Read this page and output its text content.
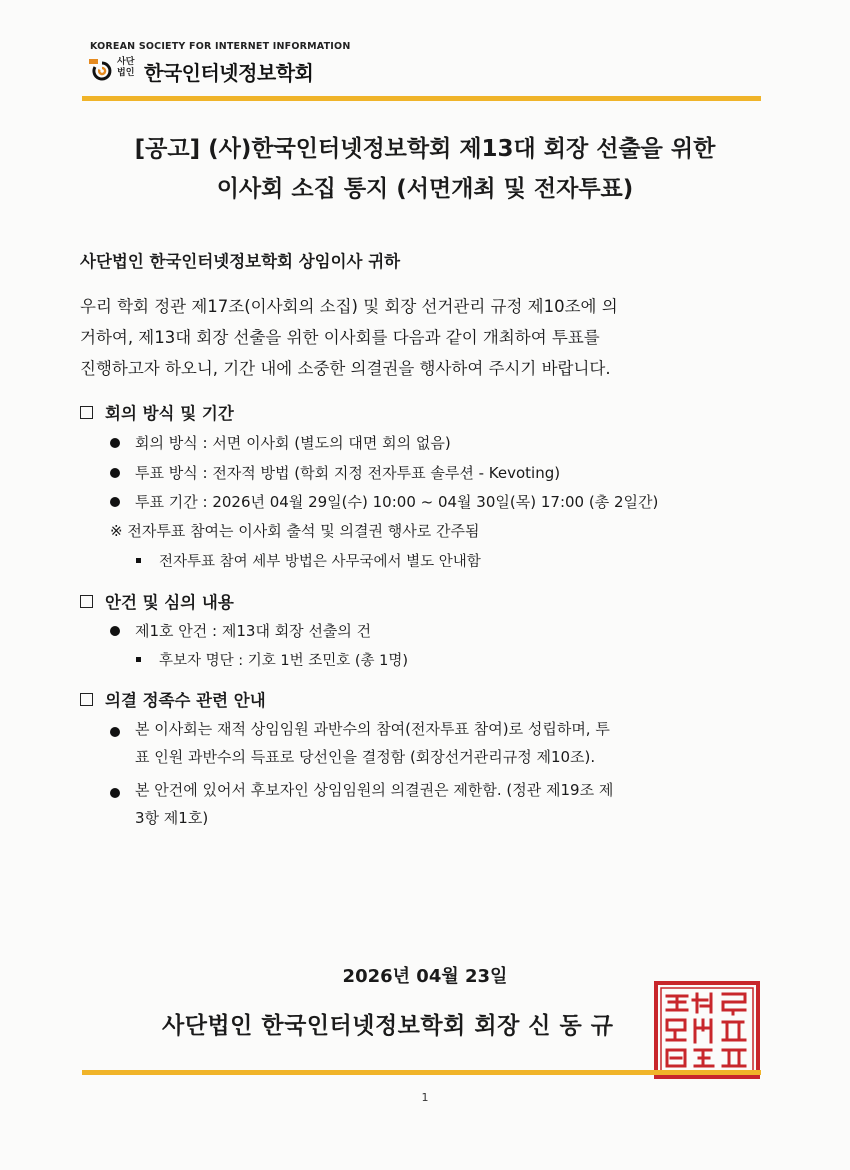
KOREAN SOCIETY FOR INTERNET INFORMATION
사단
법인 한국인터넷정보학회
[공고] (사)한국인터넷정보학회 제13대 회장 선출을 위한
이사회 소집 통지 (서면개최 및 전자투표)
사단법인 한국인터넷정보학회 상임이사 귀하
우리 학회 정관 제17조(이사회의 소집) 및 회장 선거관리 규정 제10조에 의
거하여, 제13대 회장 선출을 위한 이사회를 다음과 같이 개최하여 투표를
진행하고자 하오니, 기간 내에 소중한 의결권을 행사하여 주시기 바랍니다.
회의 방식 및 기간
회의 방식 : 서면 이사회 (별도의 대면 회의 없음)
투표 방식 : 전자적 방법 (학회 지정 전자투표 솔루션 - Kevoting)
투표 기간 : 2026년 04월 29일(수) 10:00 ~ 04월 30일(목) 17:00 (총 2일간)
※ 전자투표 참여는 이사회 출석 및 의결권 행사로 간주됨
전자투표 참여 세부 방법은 사무국에서 별도 안내함
안건 및 심의 내용
제1호 안건 : 제13대 회장 선출의 건
후보자 명단 : 기호 1번 조민호 (총 1명)
의결 정족수 관련 안내
본 이사회는 재적 상임임원 과반수의 참여(전자투표 참여)로 성립하며, 투
표 인원 과반수의 득표로 당선인을 결정함 (회장선거관리규정 제10조).
본 안건에 있어서 후보자인 상임임원의 의결권은 제한함. (정관 제19조 제
3항 제1호)
2026년 04월 23일
사단법인 한국인터넷정보학회 회장 신 동 규
1
